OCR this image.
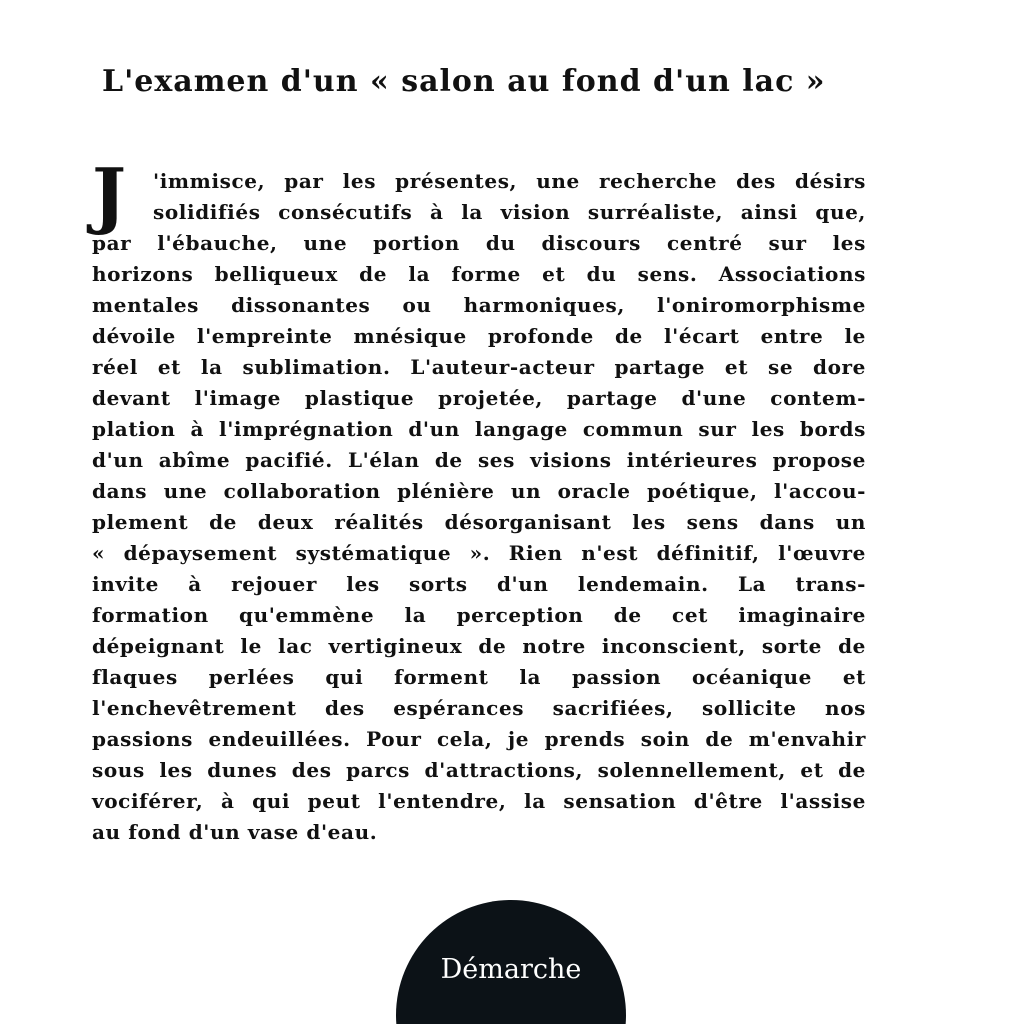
L'examen d'un « salon au fond d'un lac »
J 'immisce, par les présentes, une recherche des désirs

solidifiés consécutifs à la vision surréaliste, ainsi que,

par l'ébauche, une portion du discours centré sur les

horizons belliqueux de la forme et du sens. Associations

mentales dissonantes ou harmoniques, l'oniromorphisme

dévoile l'empreinte mnésique profonde de l'écart entre le

réel et la sublimation. L'auteur-acteur partage et se dore

devant l'image plastique projetée, partage d'une contem-

plation à l'imprégnation d'un langage commun sur les bords

d'un abîme pacifié. L'élan de ses visions intérieures propose

dans une collaboration plénière un oracle poétique, l'accou-

plement de deux réalités désorganisant les sens dans un

« dépaysement systématique ». Rien n'est définitif, l'œuvre

invite à rejouer les sorts d'un lendemain. La trans-

formation qu'emmène la perception de cet imaginaire

dépeignant le lac vertigineux de notre inconscient, sorte de

flaques perlées qui forment la passion océanique et

l'enchevêtrement des espérances sacrifiées, sollicite nos

passions endeuillées. Pour cela, je prends soin de m'envahir

sous les dunes des parcs d'attractions, solennellement, et de

vociférer, à qui peut l'entendre, la sensation d'être l'assise

au fond d'un vase d'eau.

Démarche
